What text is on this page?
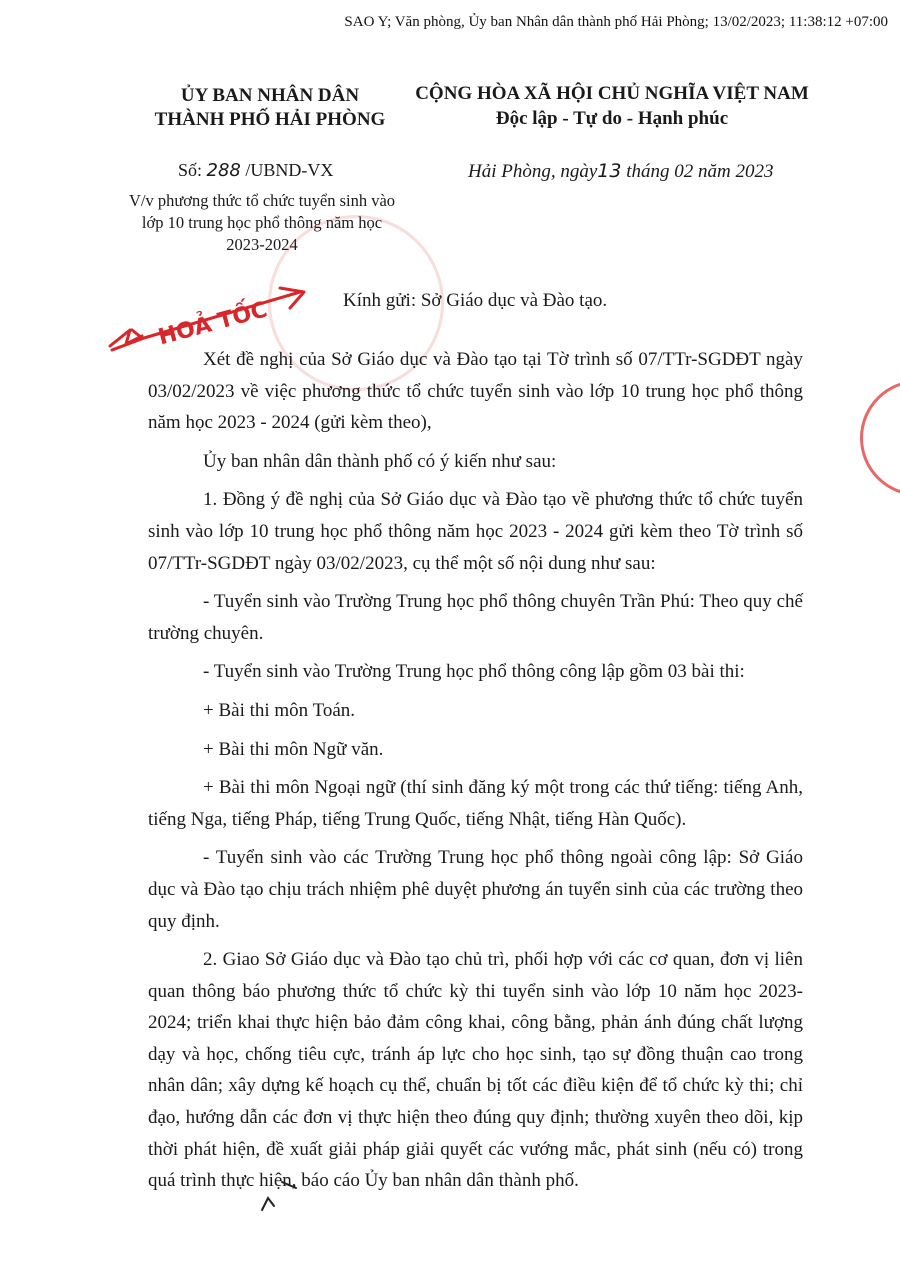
SAO Y; Văn phòng, Ủy ban Nhân dân thành phố Hải Phòng; 13/02/2023; 11:38:12 +07:00
ỦY BAN NHÂN DÂN
THÀNH PHỐ HẢI PHÒNG
CỘNG HÒA XÃ HỘI CHỦ NGHĨA VIỆT NAM
Độc lập - Tự do - Hạnh phúc
Số: 288 /UBND-VX
V/v phương thức tổ chức tuyển sinh vào lớp 10 trung học phổ thông năm học 2023-2024
Hải Phòng, ngày13 tháng 02 năm 2023
HOẢ TỐC	Kính gửi: Sở Giáo dục và Đào tạo.

Xét đề nghị của Sở Giáo dục và Đào tạo tại Tờ trình số 07/TTr-SGDĐT ngày 03/02/2023 về việc phương thức tổ chức tuyển sinh vào lớp 10 trung học phổ thông năm học 2023 - 2024 (gửi kèm theo),

Ủy ban nhân dân thành phố có ý kiến như sau:

1. Đồng ý đề nghị của Sở Giáo dục và Đào tạo về phương thức tổ chức tuyển sinh vào lớp 10 trung học phổ thông năm học 2023 - 2024 gửi kèm theo Tờ trình số 07/TTr-SGDĐT ngày 03/02/2023, cụ thể một số nội dung như sau:

- Tuyển sinh vào Trường Trung học phổ thông chuyên Trần Phú: Theo quy chế trường chuyên.

- Tuyển sinh vào Trường Trung học phổ thông công lập gồm 03 bài thi:

+ Bài thi môn Toán.

+ Bài thi môn Ngữ văn.

+ Bài thi môn Ngoại ngữ (thí sinh đăng ký một trong các thứ tiếng: tiếng Anh, tiếng Nga, tiếng Pháp, tiếng Trung Quốc, tiếng Nhật, tiếng Hàn Quốc).

- Tuyển sinh vào các Trường Trung học phổ thông ngoài công lập: Sở Giáo dục và Đào tạo chịu trách nhiệm phê duyệt phương án tuyển sinh của các trường theo quy định.

2. Giao Sở Giáo dục và Đào tạo chủ trì, phối hợp với các cơ quan, đơn vị liên quan thông báo phương thức tổ chức kỳ thi tuyển sinh vào lớp 10 năm học 2023-2024; triển khai thực hiện bảo đảm công khai, công bằng, phản ánh đúng chất lượng dạy và học, chống tiêu cực, tránh áp lực cho học sinh, tạo sự đồng thuận cao trong nhân dân; xây dựng kế hoạch cụ thể, chuẩn bị tốt các điều kiện để tổ chức kỳ thi; chỉ đạo, hướng dẫn các đơn vị thực hiện theo đúng quy định; thường xuyên theo dõi, kịp thời phát hiện, đề xuất giải pháp giải quyết các vướng mắc, phát sinh (nếu có) trong quá trình thực hiện, báo cáo Ủy ban nhân dân thành phố.
